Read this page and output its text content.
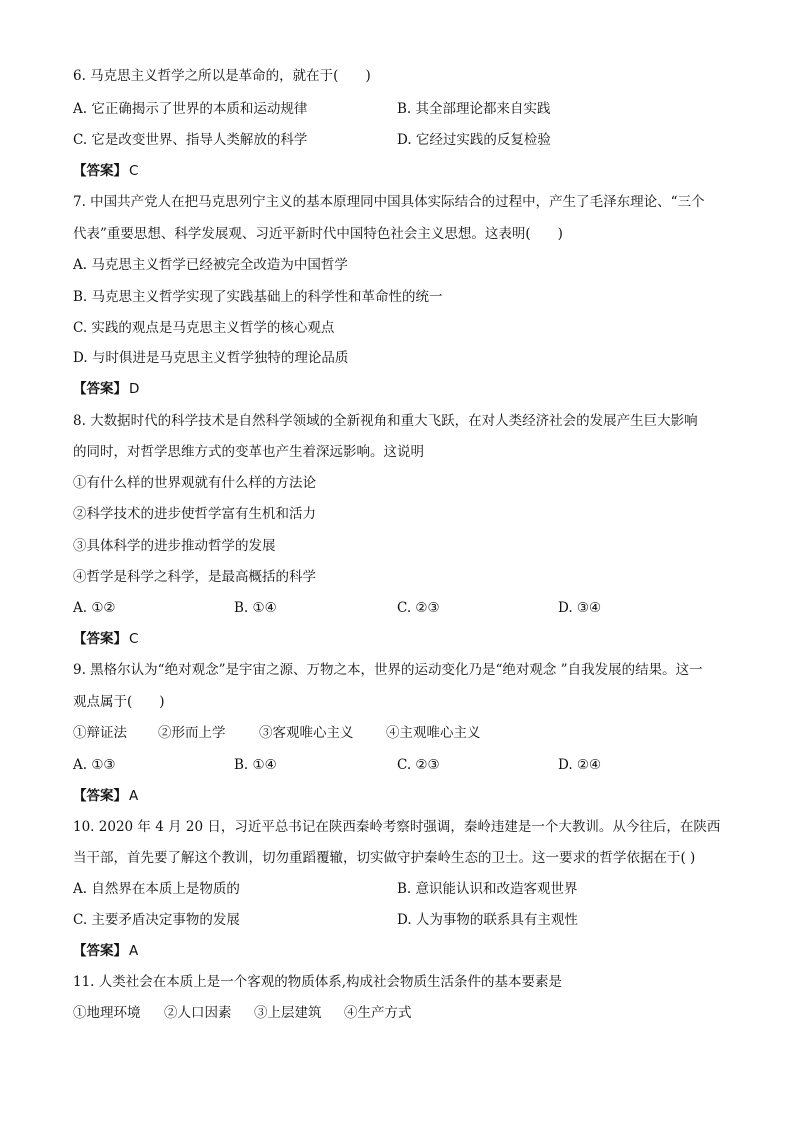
6. 马克思主义哲学之所以是革命的，就在于(　　)
A. 它正确揭示了世界的本质和运动规律	B. 其全部理论都来自实践
C. 它是改变世界、指导人类解放的科学	D. 它经过实践的反复检验
【答案】 C
7. 中国共产党人在把马克思列宁主义的基本原理同中国具体实际结合的过程中，产生了毛泽东理论、“三个
代表”重要思想、科学发展观、习近平新时代中国特色社会主义思想。这表明(　　)
A. 马克思主义哲学已经被完全改造为中国哲学
B. 马克思主义哲学实现了实践基础上的科学性和革命性的统一
C. 实践的观点是马克思主义哲学的核心观点
D. 与时俱进是马克思主义哲学独特的理论品质
【答案】 D
8. 大数据时代的科学技术是自然科学领域的全新视角和重大飞跃，在对人类经济社会的发展产生巨大影响
的同时，对哲学思维方式的变革也产生着深远影响。这说明
①有什么样的世界观就有什么样的方法论
②科学技术的进步使哲学富有生机和活力
③具体科学的进步推动哲学的发展
④哲学是科学之科学，是最高概括的科学
A. ①②	B. ①④	C. ②③	D. ③④
【答案】 C
9. 黑格尔认为“绝对观念”是宇宙之源、万物之本，世界的运动变化乃是“绝对观念 ”自我发展的结果。这一
观点属于(　　)
①辩证法 ②形而上学 ③客观唯心主义 ④主观唯心主义
A. ①③	B. ①④	C. ②③	D. ②④
【答案】 A
10. 2020 年 4 月 20 日，习近平总书记在陕西秦岭考察时强调，秦岭违建是一个大教训。从今往后，在陕西
当干部，首先要了解这个教训，切勿重蹈覆辙，切实做守护秦岭生态的卫士。这一要求的哲学依据在于( )
A. 自然界在本质上是物质的	B. 意识能认识和改造客观世界
C. 主要矛盾决定事物的发展	D. 人为事物的联系具有主观性
【答案】 A
11. 人类社会在本质上是一个客观的物质体系,构成社会物质生活条件的基本要素是
①地理环境 ②人口因素 ③上层建筑 ④生产方式
